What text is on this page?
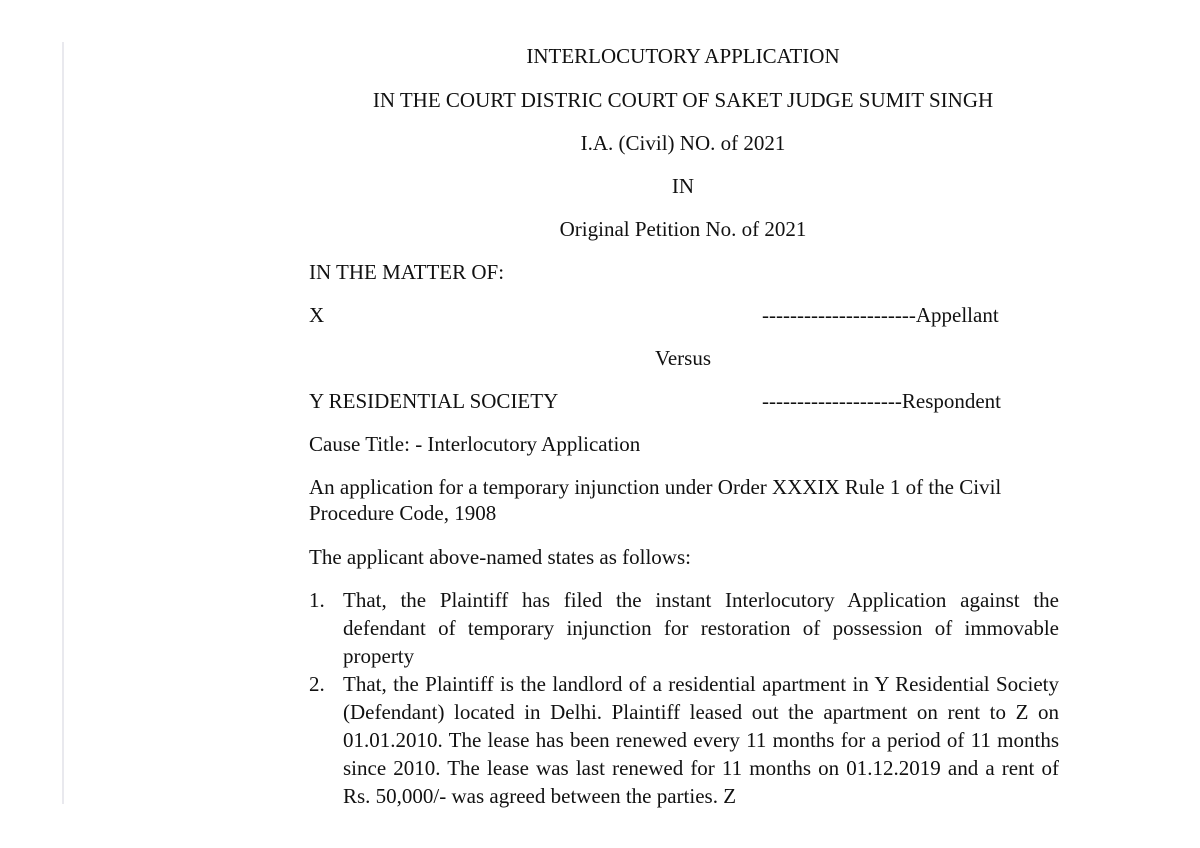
INTERLOCUTORY APPLICATION
IN THE COURT DISTRIC COURT OF SAKET JUDGE SUMIT SINGH
I.A. (Civil) NO. of 2021
IN
Original Petition No. of 2021
IN THE MATTER OF:
X	----------------------Appellant
Versus
Y RESIDENTIAL SOCIETY	--------------------Respondent
Cause Title: - Interlocutory Application
An application for a temporary injunction under Order XXXIX Rule 1 of the Civil Procedure Code, 1908
The applicant above-named states as follows:
1. That, the Plaintiff has filed the instant Interlocutory Application against the defendant of temporary injunction for restoration of possession of immovable property
2. That, the Plaintiff is the landlord of a residential apartment in Y Residential Society (Defendant) located in Delhi. Plaintiff leased out the apartment on rent to Z on 01.01.2010. The lease has been renewed every 11 months for a period of 11 months since 2010. The lease was last renewed for 11 months on 01.12.2019 and a rent of Rs. 50,000/- was agreed between the parties. Z
